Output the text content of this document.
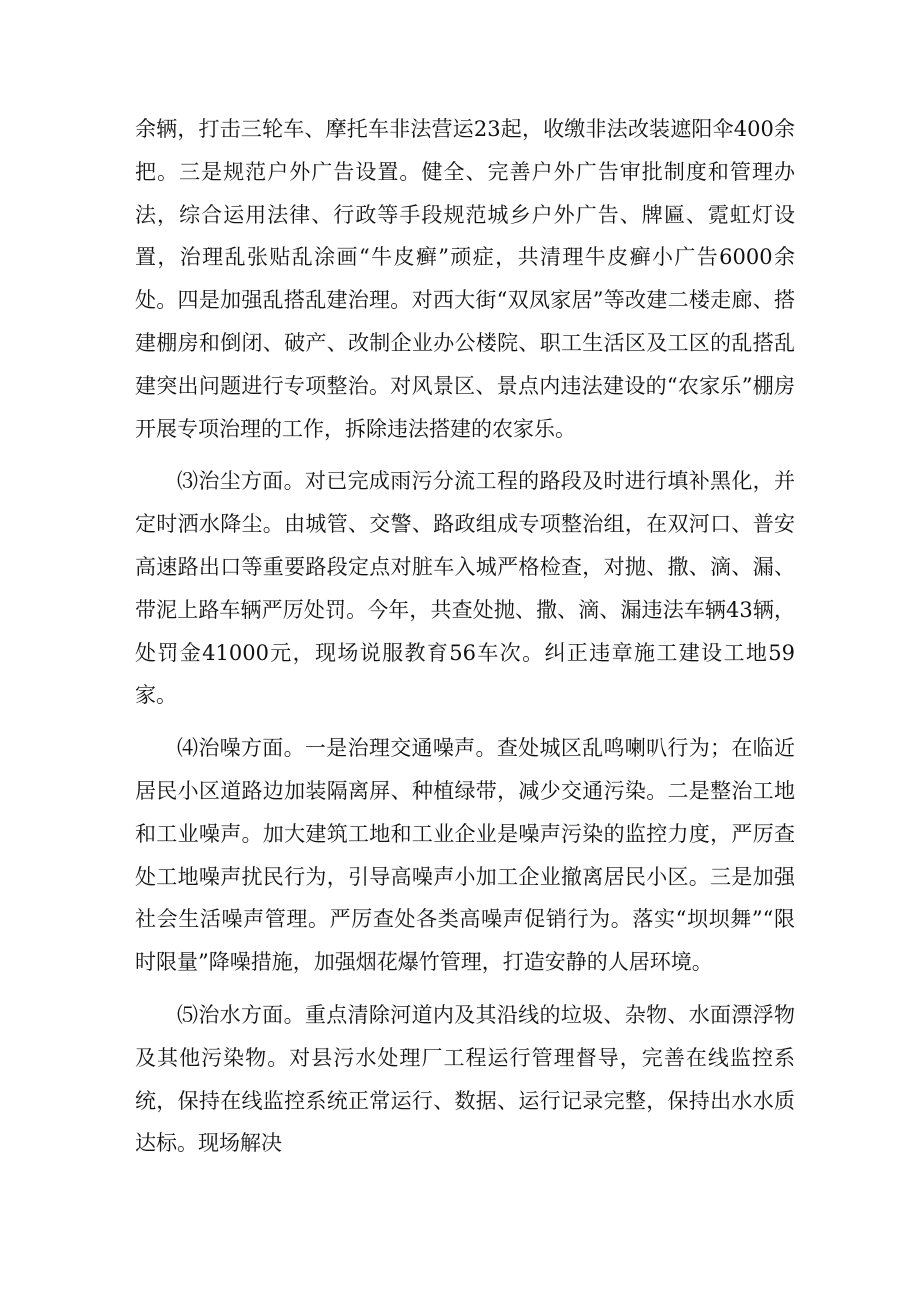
余辆，打击三轮车、摩托车非法营运23起，收缴非法改装遮阳伞400余把。三是规范户外广告设置。健全、完善户外广告审批制度和管理办法，综合运用法律、行政等手段规范城乡户外广告、牌匾、霓虹灯设置，治理乱张贴乱涂画“牛皮癣”顽症，共清理牛皮癣小广告6000余处。四是加强乱搭乱建治理。对西大街“双凤家居”等改建二楼走廊、搭建棚房和倒闭、破产、改制企业办公楼院、职工生活区及工区的乱搭乱建突出问题进行专项整治。对风景区、景点内违法建设的“农家乐”棚房开展专项治理的工作，拆除违法搭建的农家乐。

⑶治尘方面。对已完成雨污分流工程的路段及时进行填补黑化，并定时洒水降尘。由城管、交警、路政组成专项整治组，在双河口、普安高速路出口等重要路段定点对脏车入城严格检查，对抛、撒、滴、漏、带泥上路车辆严厉处罚。今年，共查处抛、撒、滴、漏违法车辆43辆，处罚金41000元，现场说服教育56车次。纠正违章施工建设工地59家。

⑷治噪方面。一是治理交通噪声。查处城区乱鸣喇叭行为；在临近居民小区道路边加装隔离屏、种植绿带，减少交通污染。二是整治工地和工业噪声。加大建筑工地和工业企业是噪声污染的监控力度，严厉查处工地噪声扰民行为，引导高噪声小加工企业撤离居民小区。三是加强社会生活噪声管理。严厉查处各类高噪声促销行为。落实“坝坝舞”“限时限量”降噪措施，加强烟花爆竹管理，打造安静的人居环境。

⑸治水方面。重点清除河道内及其沿线的垃圾、杂物、水面漂浮物及其他污染物。对县污水处理厂工程运行管理督导，完善在线监控系统，保持在线监控系统正常运行、数据、运行记录完整，保持出水水质达标。现场解决
